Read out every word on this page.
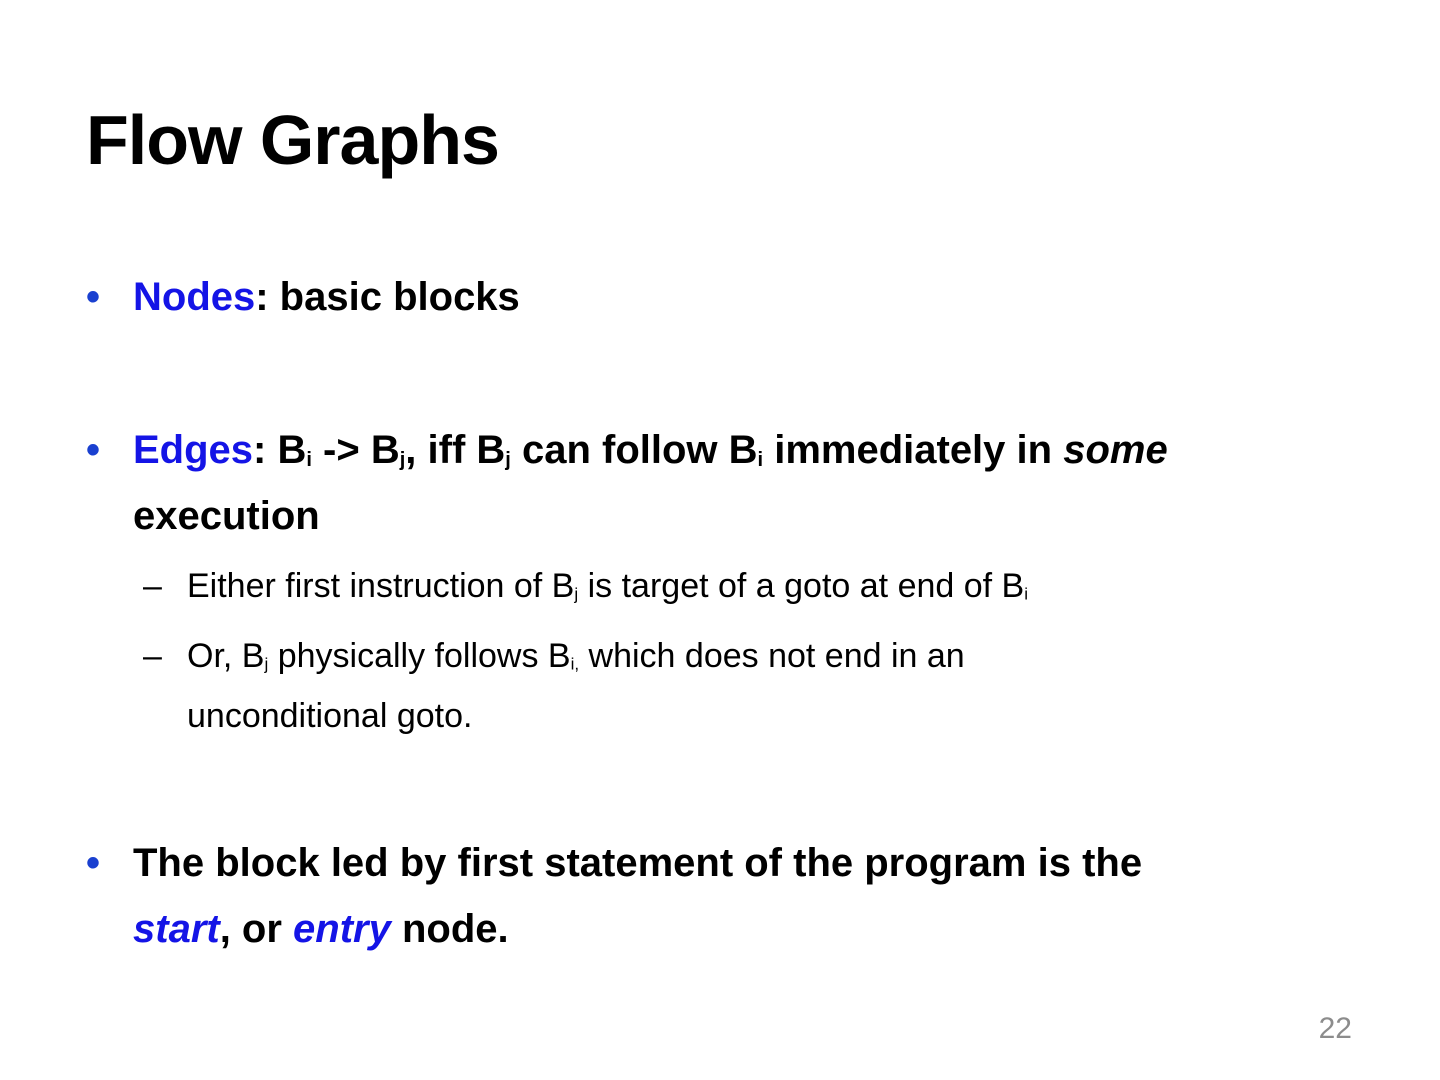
Flow Graphs
• Nodes: basic blocks
• Edges: $B_i -> B_j$, iff $B_j$ can follow $B_i$ immediately in some
execution
– Either first instruction of $B_j$ is target of a goto at end of $B_i$
– Or, $B_j$ physically follows $B_{i,}$ which does not end in an
unconditional goto.
• The block led by first statement of the program is the
start, or entry node.
22
